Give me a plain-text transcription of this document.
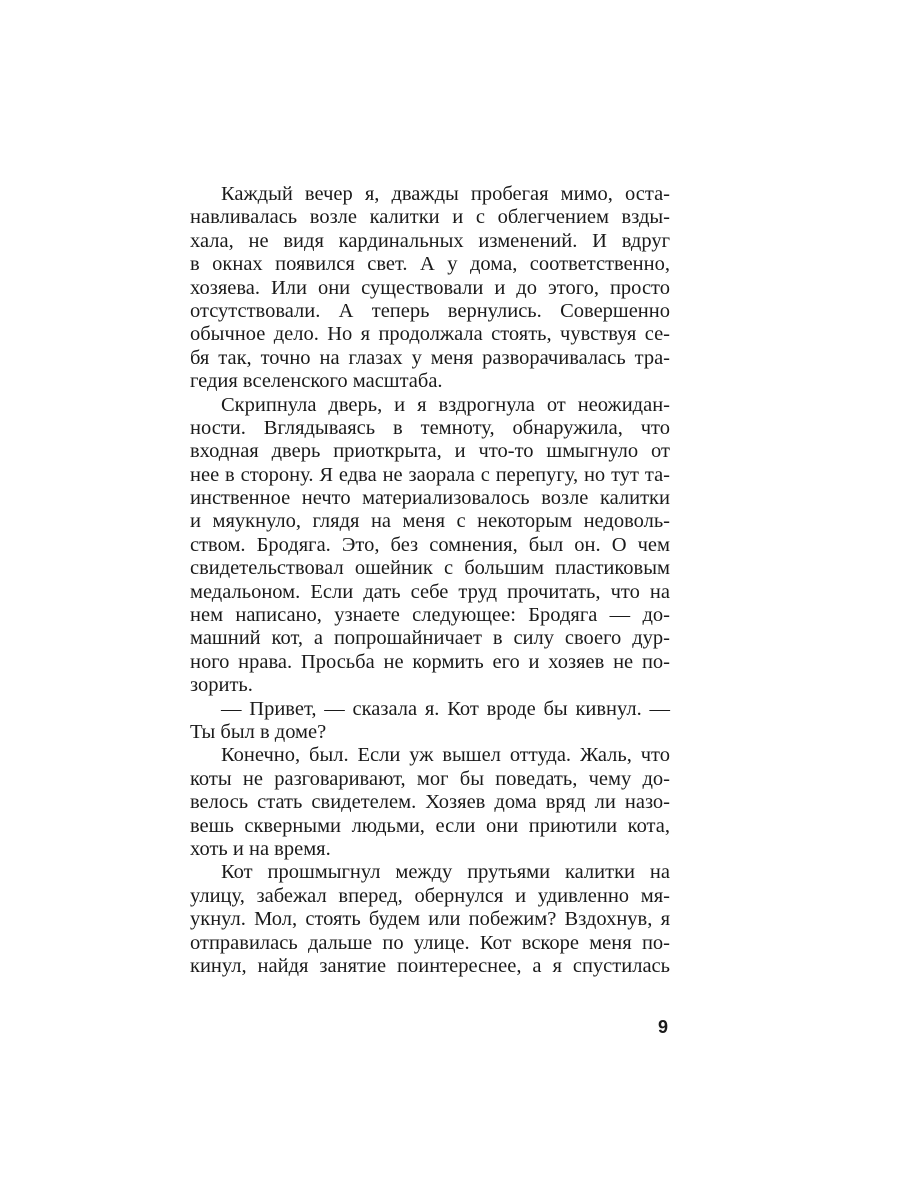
Каждый вечер я, дважды пробегая мимо, оста-
навливалась возле калитки и с облегчением взды-
хала, не видя кардинальных изменений. И вдруг
в окнах появился свет. А у дома, соответственно,
хозяева. Или они существовали и до этого, просто
отсутствовали. А теперь вернулись. Совершенно
обычное дело. Но я продолжала стоять, чувствуя се-
бя так, точно на глазах у меня разворачивалась тра-
гедия вселенского масштаба.
Скрипнула дверь, и я вздрогнула от неожидан-
ности. Вглядываясь в темноту, обнаружила, что
входная дверь приоткрыта, и что-то шмыгнуло от
нее в сторону. Я едва не заорала с перепугу, но тут та-
инственное нечто материализовалось возле калитки
и мяукнуло, глядя на меня с некоторым недоволь-
ством. Бродяга. Это, без сомнения, был он. О чем
свидетельствовал ошейник с большим пластиковым
медальоном. Если дать себе труд прочитать, что на
нем написано, узнаете следующее: Бродяга — до-
машний кот, а попрошайничает в силу своего дур-
ного нрава. Просьба не кормить его и хозяев не по-
зорить.
— Привет, — сказала я. Кот вроде бы кивнул. —
Ты был в доме?
Конечно, был. Если уж вышел оттуда. Жаль, что
коты не разговаривают, мог бы поведать, чему до-
велось стать свидетелем. Хозяев дома вряд ли назо-
вешь скверными людьми, если они приютили кота,
хоть и на время.
Кот прошмыгнул между прутьями калитки на
улицу, забежал вперед, обернулся и удивленно мя-
укнул. Мол, стоять будем или побежим? Вздохнув, я
отправилась дальше по улице. Кот вскоре меня по-
кинул, найдя занятие поинтереснее, а я спустилась
9
